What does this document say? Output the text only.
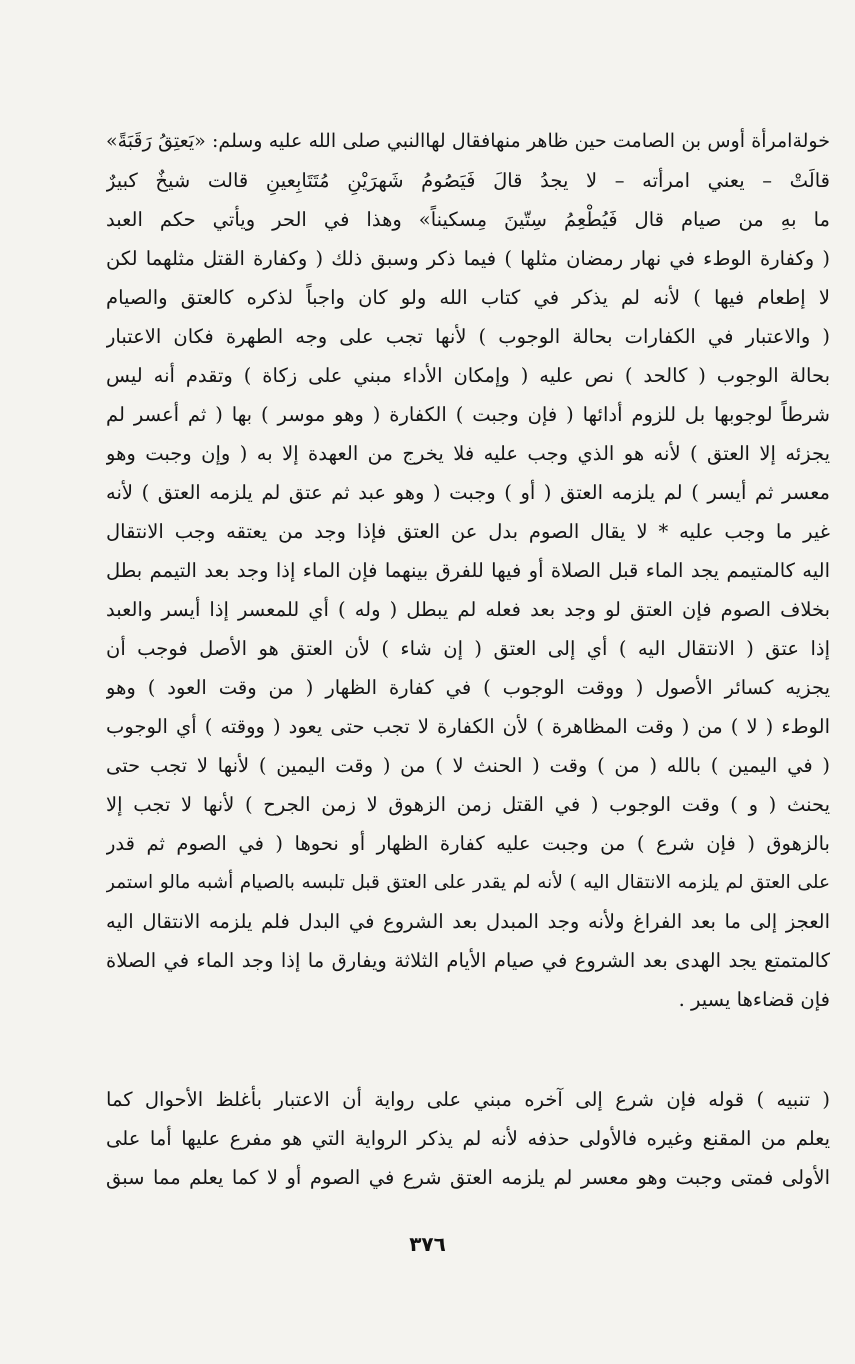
خولةامرأة أوس بن الصامت حين ظاهر منهافقال لهاالنبي صلى الله عليه وسلم: «يَعتِقُ رَقَبَةً»
قالَتْ – يعني امرأته – لا يجدُ قالَ فَيَصُومُ شَهرَيْنِ مُتَتَابِعينِ قالت شيخٌ كبيرٌ
ما بهِ من صيام قال فَيُطْعِمُ سِتّينَ مِسكيناً» وهذا في الحر ويأتي حكم العبد
( وكفارة الوطء في نهار رمضان مثلها ) فيما ذكر وسبق ذلك ( وكفارة القتل مثلهما لكن
لا إطعام فيها ) لأنه لم يذكر في كتاب الله ولو كان واجباً لذكره كالعتق والصيام
( والاعتبار في الكفارات بحالة الوجوب ) لأنها تجب على وجه الطهرة فكان الاعتبار
بحالة الوجوب ( كالحد ) نص عليه ( وإمكان الأداء مبني على زكاة ) وتقدم أنه ليس
شرطاً لوجوبها بل للزوم أدائها ( فإن وجبت ) الكفارة ( وهو موسر ) بها ( ثم أعسر لم
يجزئه إلا العتق ) لأنه هو الذي وجب عليه فلا يخرج من العهدة إلا به ( وإن وجبت وهو
معسر ثم أيسر ) لم يلزمه العتق ( أو ) وجبت ( وهو عبد ثم عتق لم يلزمه العتق ) لأنه
غير ما وجب عليه * لا يقال الصوم بدل عن العتق فإذا وجد من يعتقه وجب الانتقال
اليه كالمتيمم يجد الماء قبل الصلاة أو فيها للفرق بينهما فإن الماء إذا وجد بعد التيمم بطل
بخلاف الصوم فإن العتق لو وجد بعد فعله لم يبطل ( وله ) أي للمعسر إذا أيسر والعبد
إذا عتق ( الانتقال اليه ) أي إلى العتق ( إن شاء ) لأن العتق هو الأصل فوجب أن
يجزيه كسائر الأصول ( ووقت الوجوب ) في كفارة الظهار ( من وقت العود ) وهو
الوطء ( لا ) من ( وقت المظاهرة ) لأن الكفارة لا تجب حتى يعود ( ووقته ) أي الوجوب
( في اليمين ) بالله ( من ) وقت ( الحنث لا ) من ( وقت اليمين ) لأنها لا تجب حتى
يحنث ( و ) وقت الوجوب ( في القتل زمن الزهوق لا زمن الجرح ) لأنها لا تجب إلا
بالزهوق ( فإن شرع ) من وجبت عليه كفارة الظهار أو نحوها ( في الصوم ثم قدر
على العتق لم يلزمه الانتقال اليه ) لأنه لم يقدر على العتق قبل تلبسه بالصيام أشبه مالو استمر
العجز إلى ما بعد الفراغ ولأنه وجد المبدل بعد الشروع في البدل فلم يلزمه الانتقال اليه
كالمتمتع يجد الهدى بعد الشروع في صيام الأيام الثلاثة ويفارق ما إذا وجد الماء في الصلاة
فإن قضاءها يسير .
( تنبيه ) قوله فإن شرع إلى آخره مبني على رواية أن الاعتبار بأغلظ الأحوال كما
يعلم من المقنع وغيره فالأولى حذفه لأنه لم يذكر الرواية التي هو مفرع عليها أما على
الأولى فمتى وجبت وهو معسر لم يلزمه العتق شرع في الصوم أو لا كما يعلم مما سبق
٣٧٦
